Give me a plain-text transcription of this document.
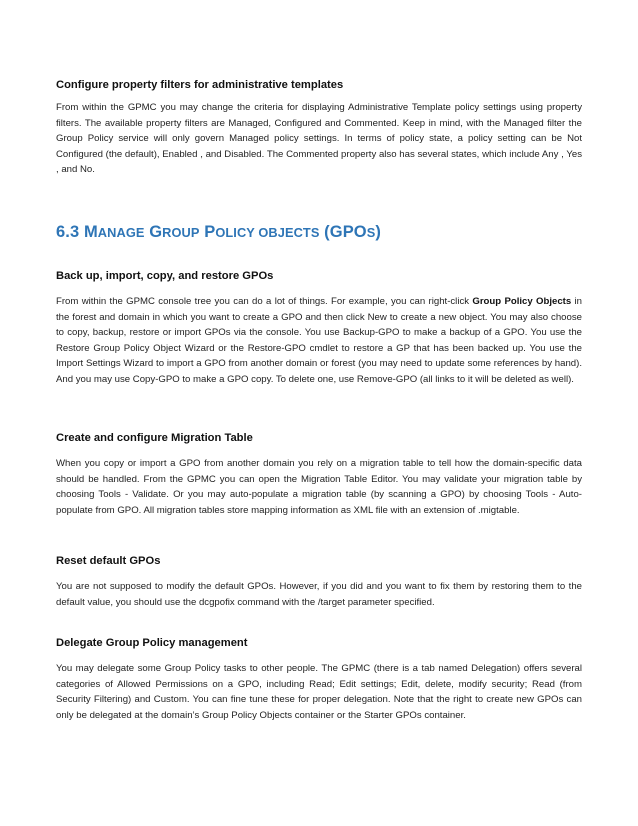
Configure property filters for administrative templates

From within the GPMC you may change the criteria for displaying Administrative Template policy settings using property filters. The available property filters are Managed, Configured and Commented. Keep in mind, with the Managed filter the Group Policy service will only govern Managed policy settings. In terms of policy state, a policy setting can be Not Configured (the default), Enabled , and Disabled. The Commented property also has several states, which include Any , Yes , and No.

6.3 MANAGE GROUP POLICY OBJECTS (GPOS)
Back up, import, copy, and restore GPOs

From within the GPMC console tree you can do a lot of things. For example, you can right-click Group Policy Objects in the forest and domain in which you want to create a GPO and then click New to create a new object. You may also choose to copy, backup, restore or import GPOs via the console. You use Backup-GPO to make a backup of a GPO. You use the Restore Group Policy Object Wizard or the Restore-GPO cmdlet to restore a GP that has been backed up. You use the Import Settings Wizard to import a GPO from another domain or forest (you may need to update some references by hand). And you may use Copy-GPO to make a GPO copy. To delete one, use Remove-GPO (all links to it will be deleted as well).

Create and configure Migration Table

When you copy or import a GPO from another domain you rely on a migration table to tell how the domain-specific data should be handled. From the GPMC you can open the Migration Table Editor. You may validate your migration table by choosing Tools - Validate. Or you may auto-populate a migration table (by scanning a GPO) by choosing Tools - Auto-populate from GPO. All migration tables store mapping information as XML file with an extension of .migtable.

Reset default GPOs

You are not supposed to modify the default GPOs. However, if you did and you want to fix them by restoring them to the default value, you should use the dcgpofix command with the /target parameter specified.

Delegate Group Policy management

You may delegate some Group Policy tasks to other people. The GPMC (there is a tab named Delegation) offers several categories of Allowed Permissions on a GPO, including Read; Edit settings; Edit, delete, modify security; Read (from Security Filtering) and Custom. You can fine tune these for proper delegation. Note that the right to create new GPOs can only be delegated at the domain’s Group Policy Objects container or the Starter GPOs container.
